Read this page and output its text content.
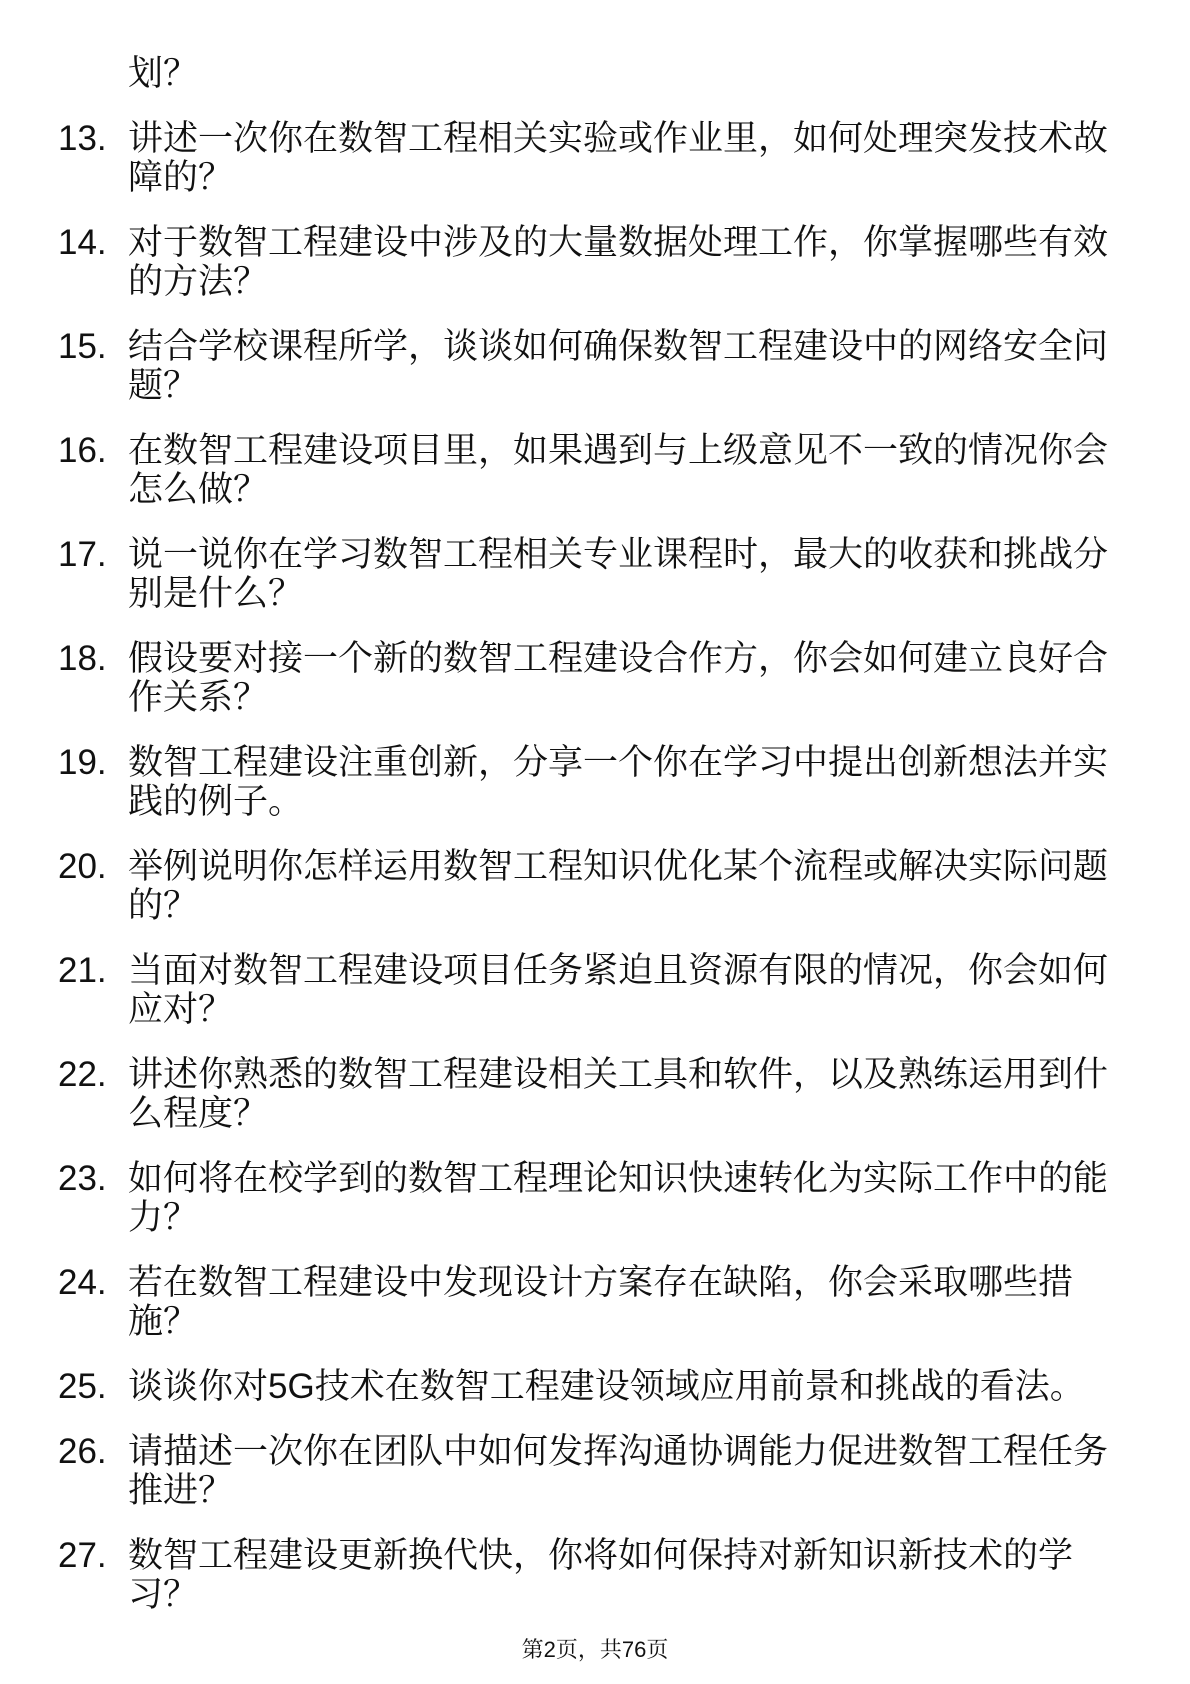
划？
13. 讲述一次你在数智工程相关实验或作业里，如何处理突发技术故
障的？
14. 对于数智工程建设中涉及的大量数据处理工作，你掌握哪些有效
的方法？
15. 结合学校课程所学，谈谈如何确保数智工程建设中的网络安全问
题？
16. 在数智工程建设项目里，如果遇到与上级意见不一致的情况你会
怎么做？
17. 说一说你在学习数智工程相关专业课程时，最大的收获和挑战分
别是什么？
18. 假设要对接一个新的数智工程建设合作方，你会如何建立良好合
作关系？
19. 数智工程建设注重创新，分享一个你在学习中提出创新想法并实
践的例子。
20. 举例说明你怎样运用数智工程知识优化某个流程或解决实际问题
的？
21. 当面对数智工程建设项目任务紧迫且资源有限的情况，你会如何
应对？
22. 讲述你熟悉的数智工程建设相关工具和软件，以及熟练运用到什
么程度？
23. 如何将在校学到的数智工程理论知识快速转化为实际工作中的能
力？
24. 若在数智工程建设中发现设计方案存在缺陷，你会采取哪些措
施？
25. 谈谈你对5G技术在数智工程建设领域应用前景和挑战的看法。
26. 请描述一次你在团队中如何发挥沟通协调能力促进数智工程任务
推进？
27. 数智工程建设更新换代快，你将如何保持对新知识新技术的学
习？
第2页，共76页
